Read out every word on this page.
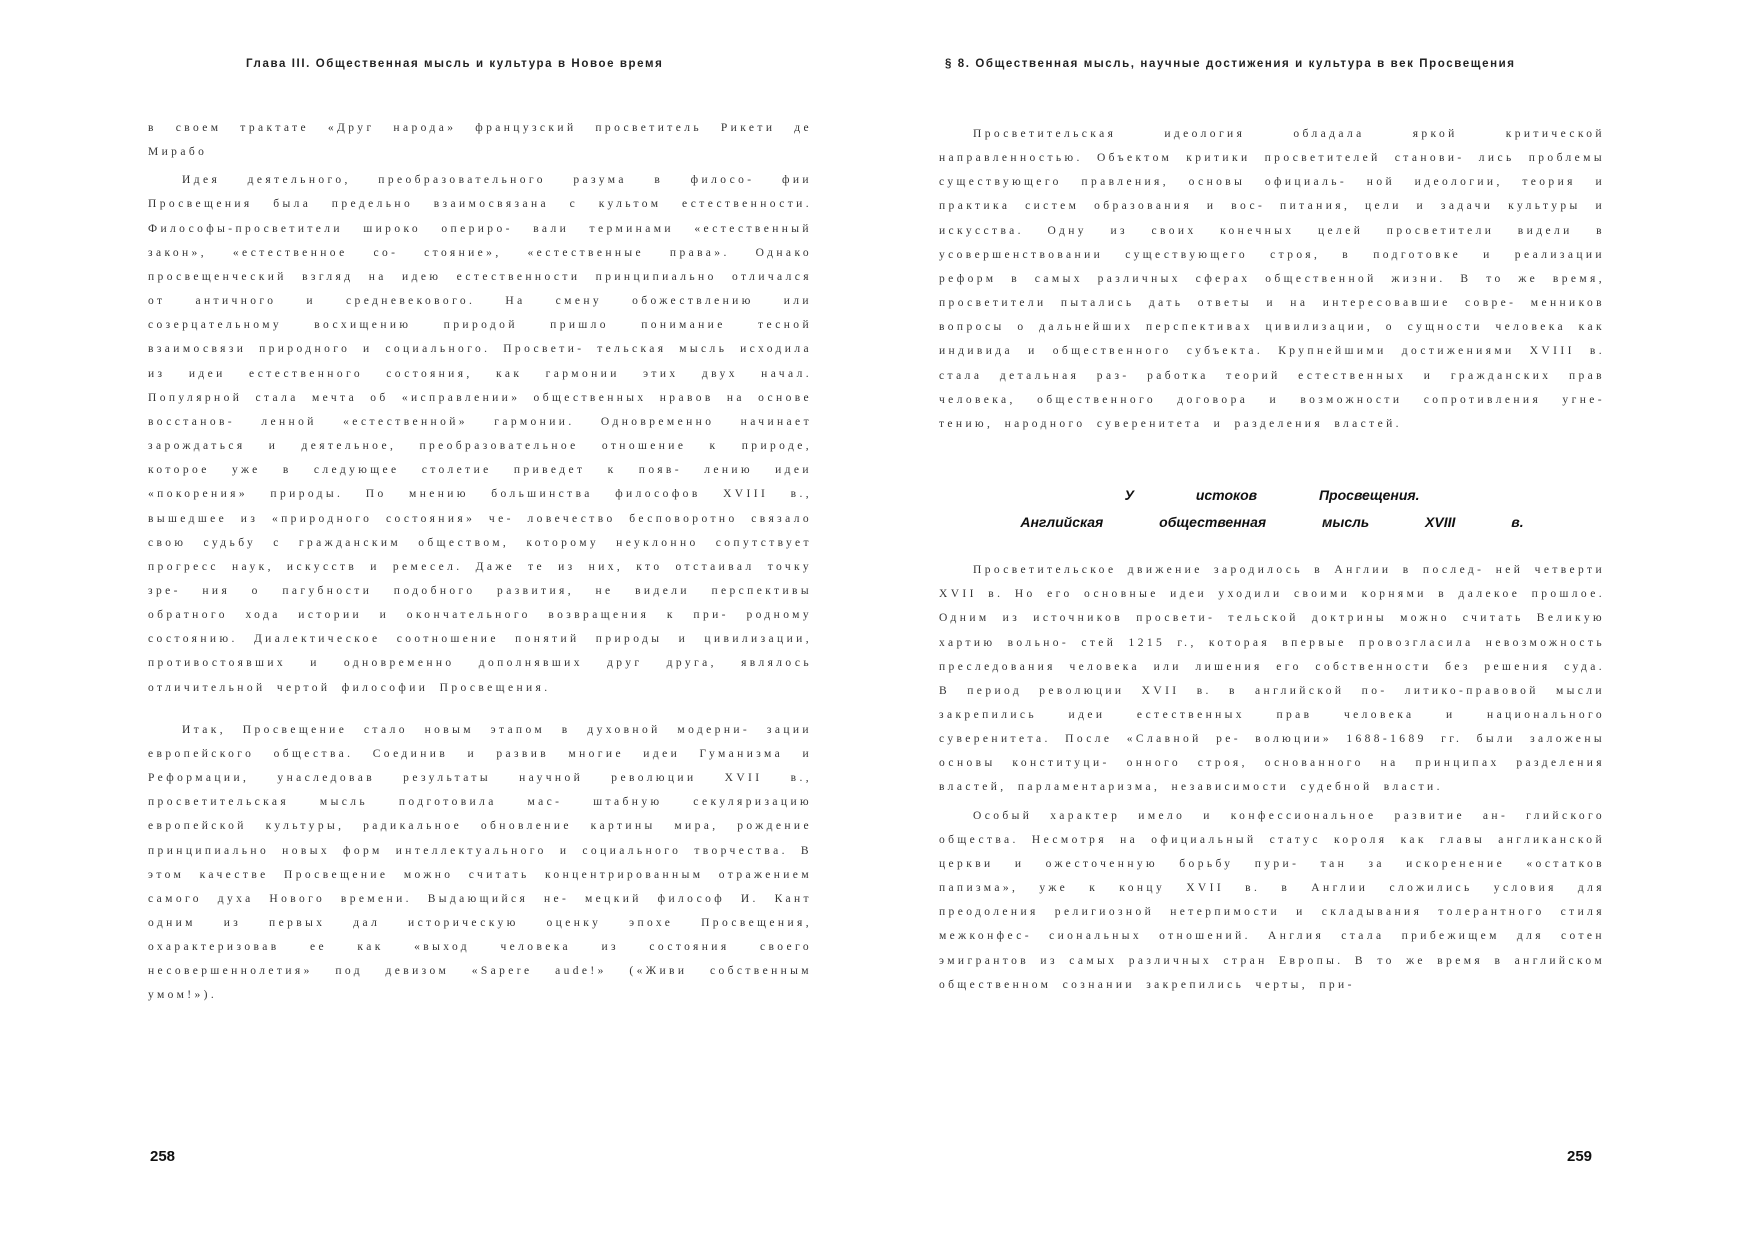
Глава III. Общественная мысль и культура в Новое время

в своем трактате «Друг народа» французский просветитель Рикети де Мирабо

Идея деятельного, преобразовательного разума в филосо- фии Просвещения была предельно взаимосвязана с культом естественности. Философы-просветители широко опериро- вали терминами «естественный закон», «естественное со- стояние», «естественные права». Однако просвещенческий взгляд на идею естественности принципиально отличался от античного и средневекового. На смену обожествлению или созерцательному восхищению природой пришло понимание тесной взаимосвязи природного и социального. Просвети- тельская мысль исходила из идеи естественного состояния, как гармонии этих двух начал. Популярной стала мечта об «исправлении» общественных нравов на основе восстанов- ленной «естественной» гармонии. Одновременно начинает зарождаться и деятельное, преобразовательное отношение к природе, которое уже в следующее столетие приведет к появ- лению идеи «покорения» природы. По мнению большинства философов XVIII в., вышедшее из «природного состояния» че- ловечество бесповоротно связало свою судьбу с гражданским обществом, которому неуклонно сопутствует прогресс наук, искусств и ремесел. Даже те из них, кто отстаивал точку зре- ния о пагубности подобного развития, не видели перспективы обратного хода истории и окончательного возвращения к при- родному состоянию. Диалектическое соотношение понятий природы и цивилизации, противостоявших и одновременно дополнявших друг друга, являлось отличительной чертой философии Просвещения.

Итак, Просвещение стало новым этапом в духовной модерни- зации европейского общества. Соединив и развив многие идеи Гуманизма и Реформации, унаследовав результаты научной революции XVII в., просветительская мысль подготовила мас- штабную секуляризацию европейской культуры, радикальное обновление картины мира, рождение принципиально новых форм интеллектуального и социального творчества. В этом качестве Просвещение можно считать концентрированным отражением самого духа Нового времени. Выдающийся не- мецкий философ И. Кант одним из первых дал историческую оценку эпохе Просвещения, охарактеризовав ее как «выход человека из состояния своего несовершеннолетия» под девизом «Sapere aude!» («Живи собственным умом!»).

258
§ 8. Общественная мысль, научные достижения и культура в век Просвещения

Просветительская идеология обладала яркой критической направленностью. Объектом критики просветителей станови- лись проблемы существующего правления, основы официаль- ной идеологии, теория и практика систем образования и вос- питания, цели и задачи культуры и искусства. Одну из своих конечных целей просветители видели в усовершенствовании существующего строя, в подготовке и реализации реформ в самых различных сферах общественной жизни. В то же время, просветители пытались дать ответы и на интересовавшие совре- менников вопросы о дальнейших перспективах цивилизации, о сущности человека как индивида и общественного субъекта. Крупнейшими достижениями XVIII в. стала детальная раз- работка теорий естественных и гражданских прав человека, общественного договора и возможности сопротивления угне- тению, народного суверенитета и разделения властей.

У истоков Просвещения.
Английская общественная мысль XVIII в.

Просветительское движение зародилось в Англии в послед- ней четверти XVII в. Но его основные идеи уходили своими корнями в далекое прошлое. Одним из источников просвети- тельской доктрины можно считать Великую хартию вольно- стей 1215 г., которая впервые провозгласила невозможность преследования человека или лишения его собственности без решения суда. В период революции XVII в. в английской по- литико-правовой мысли закрепились идеи естественных прав человека и национального суверенитета. После «Славной ре- волюции» 1688-1689 гг. были заложены основы конституци- онного строя, основанного на принципах разделения властей, парламентаризма, независимости судебной власти.

Особый характер имело и конфессиональное развитие ан- глийского общества. Несмотря на официальный статус короля как главы англиканской церкви и ожесточенную борьбу пури- тан за искоренение «остатков папизма», уже к концу XVII в. в Англии сложились условия для преодоления религиозной нетерпимости и складывания толерантного стиля межконфес- сиональных отношений. Англия стала прибежищем для сотен эмигрантов из самых различных стран Европы. В то же время в английском общественном сознании закрепились черты, при-

259
